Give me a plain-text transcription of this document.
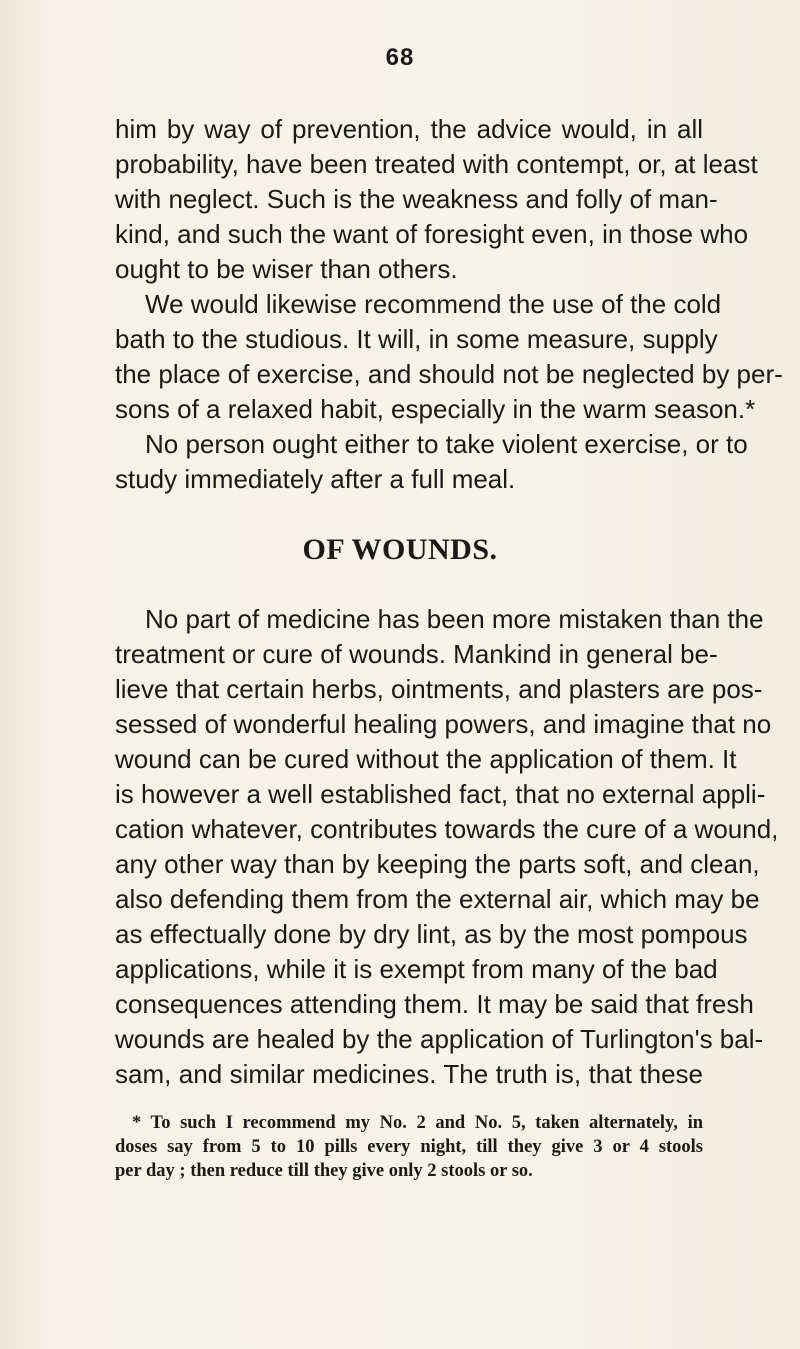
68
him by way of prevention, the advice would, in all
probability, have been treated with contempt, or, at least
with neglect. Such is the weakness and folly of man-
kind, and such the want of foresight even, in those who
ought to be wiser than others.
We would likewise recommend the use of the cold
bath to the studious. It will, in some measure, supply
the place of exercise, and should not be neglected by per-
sons of a relaxed habit, especially in the warm season.*
No person ought either to take violent exercise, or to
study immediately after a full meal.
OF WOUNDS.
No part of medicine has been more mistaken than the
treatment or cure of wounds. Mankind in general be-
lieve that certain herbs, ointments, and plasters are pos-
sessed of wonderful healing powers, and imagine that no
wound can be cured without the application of them. It
is however a well established fact, that no external appli-
cation whatever, contributes towards the cure of a wound,
any other way than by keeping the parts soft, and clean,
also defending them from the external air, which may be
as effectually done by dry lint, as by the most pompous
applications, while it is exempt from many of the bad
consequences attending them. It may be said that fresh
wounds are healed by the application of Turlington's bal-
sam, and similar medicines. The truth is, that these
* To such I recommend my No. 2 and No. 5, taken alternately, in
doses say from 5 to 10 pills every night, till they give 3 or 4 stools
per day ; then reduce till they give only 2 stools or so.
